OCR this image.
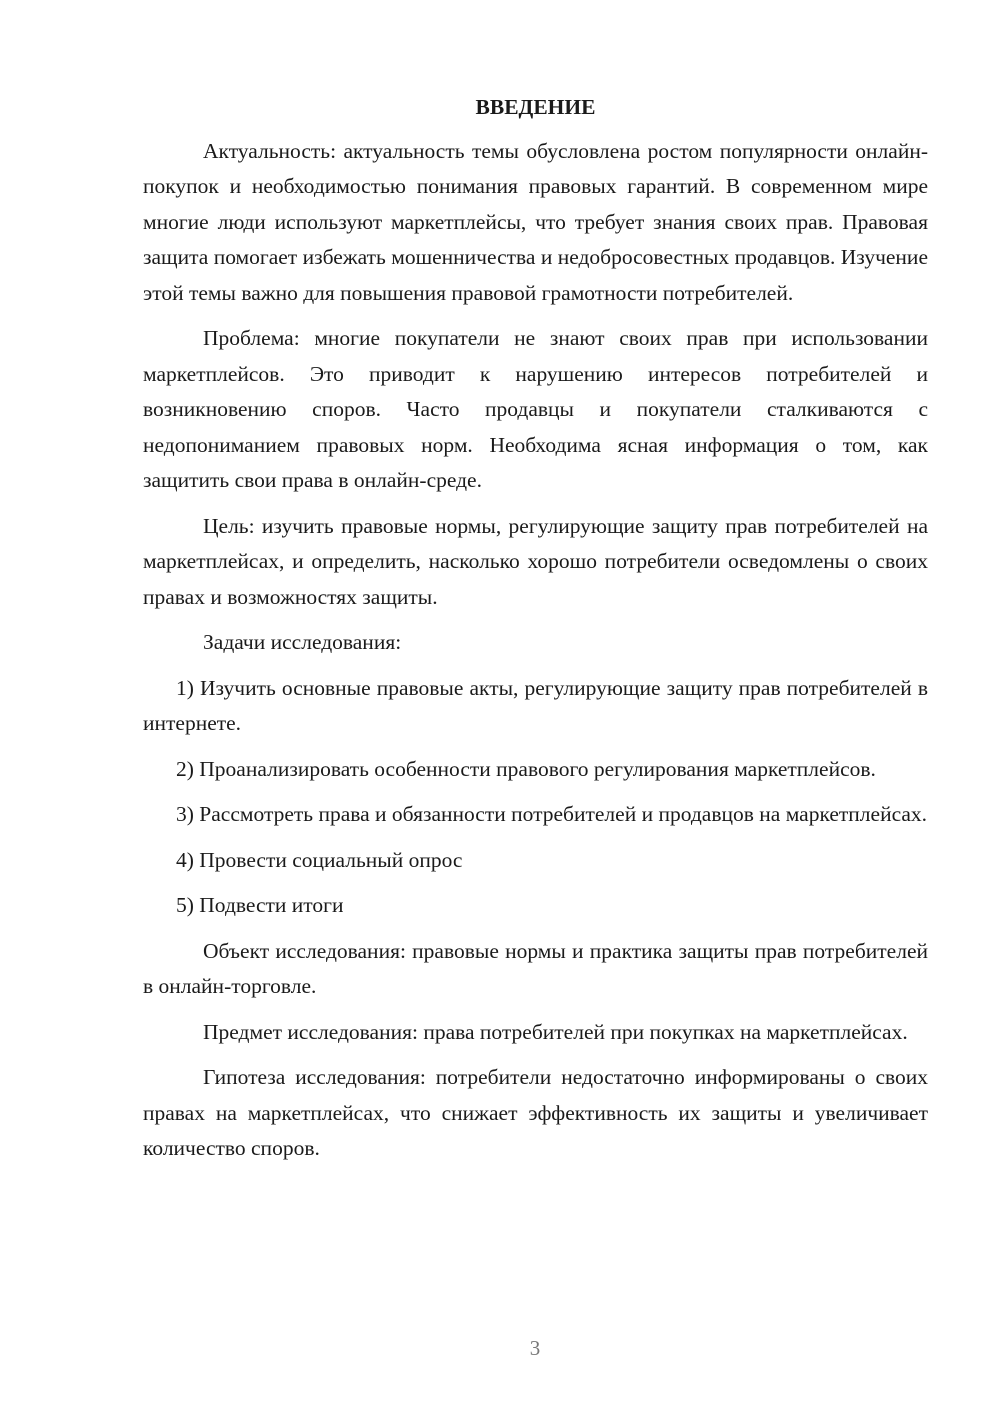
ВВЕДЕНИЕ

Актуальность: актуальность темы обусловлена ростом популярности онлайн-покупок и необходимостью понимания правовых гарантий. В современном мире многие люди используют маркетплейсы, что требует знания своих прав. Правовая защита помогает избежать мошенничества и недобросовестных продавцов. Изучение этой темы важно для повышения правовой грамотности потребителей.

Проблема: многие покупатели не знают своих прав при использовании маркетплейсов. Это приводит к нарушению интересов потребителей и возникновению споров. Часто продавцы и покупатели сталкиваются с недопониманием правовых норм. Необходима ясная информация о том, как защитить свои права в онлайн-среде.

Цель: изучить правовые нормы, регулирующие защиту прав потребителей на маркетплейсах, и определить, насколько хорошо потребители осведомлены о своих правах и возможностях защиты.

Задачи исследования:

1) Изучить основные правовые акты, регулирующие защиту прав потребителей в интернете.

2) Проанализировать особенности правового регулирования маркетплейсов.

3) Рассмотреть права и обязанности потребителей и продавцов на маркетплейсах.

4) Провести социальный опрос

5) Подвести итоги

Объект исследования: правовые нормы и практика защиты прав потребителей в онлайн-торговле.

Предмет исследования: права потребителей при покупках на маркетплейсах.

Гипотеза исследования: потребители недостаточно информированы о своих правах на маркетплейсах, что снижает эффективность их защиты и увеличивает количество споров.

3
